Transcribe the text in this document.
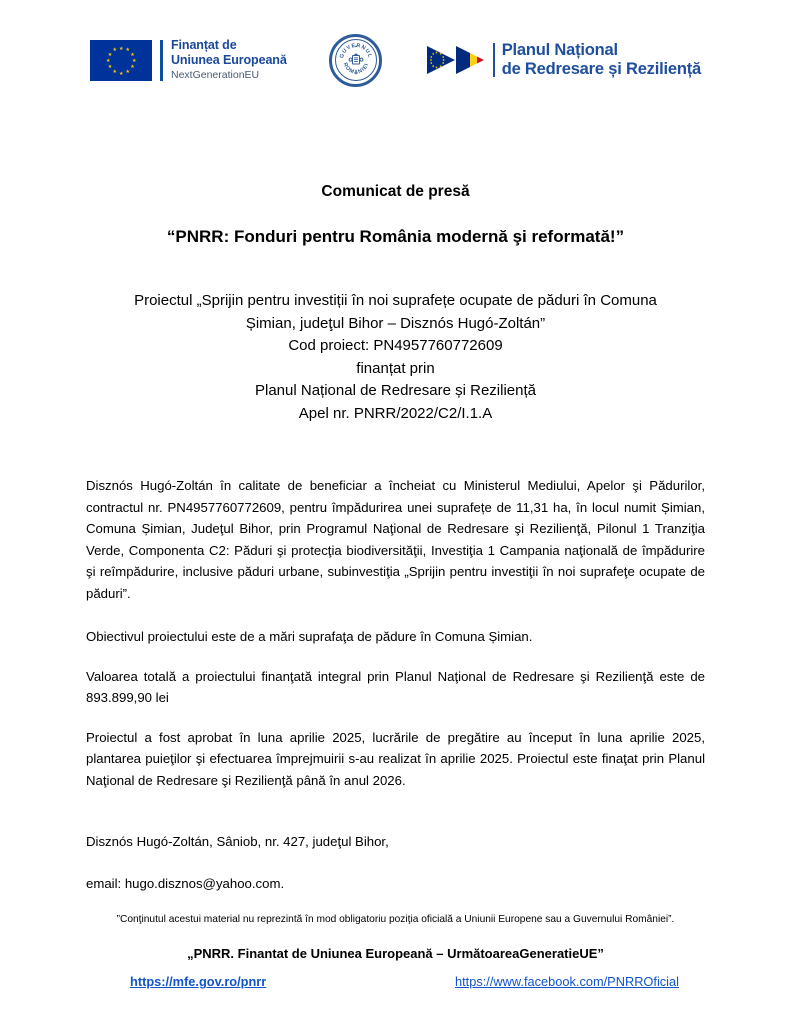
★ ★
★
★
★
★
★
★
★
★
★
★	Finanțat de
Uniunea Europeană
NextGenerationEU
GUVERNUL
ROMANIEI
Planul Național
de Redresare și Reziliență
Comunicat de presă
“PNRR: Fonduri pentru România modernă şi reformată!”
Proiectul „Sprijin pentru investiții în noi suprafețe ocupate de păduri în Comuna
Șimian, judeţul Bihor – Disznós Hugó-Zoltán”
Cod proiect: PN4957760772609
finanțat prin
Planul Național de Redresare și Reziliență
Apel nr. PNRR/2022/C2/I.1.A

Disznós Hugó-Zoltán în calitate de beneficiar a încheiat cu Ministerul Mediului, Apelor şi Pădurilor, contractul nr. PN4957760772609, pentru împădurirea unei suprafețe de 11,31 ha, în locul numit Șimian, Comuna Șimian, Judeţul Bihor, prin Programul Naţional de Redresare şi Rezilienţă, Pilonul 1 Tranziţia Verde, Componenta C2: Păduri şi protecţia biodiversităţii, Investiţia 1 Campania naţională de împădurire şi reîmpădurire, inclusive păduri urbane, subinvestiţia „Sprijin pentru investiţii în noi suprafeţe ocupate de păduri”.

Obiectivul proiectului este de a mări suprafaţa de pădure în Comuna Șimian.

Valoarea totală a proiectului finanţată integral prin Planul Naţional de Redresare şi Rezilienţă este de 893.899,90 lei

Proiectul a fost aprobat în luna aprilie 2025, lucrările de pregătire au început în luna aprilie 2025, plantarea puieţilor şi efectuarea împrejmuirii s-au realizat în aprilie 2025. Proiectul este finaţat prin Planul Naţional de Redresare şi Rezilienţă până în anul 2026.

Disznós Hugó-Zoltán, Sâniob, nr. 427, judeţul Bihor,

email: hugo.disznos@yahoo.com.

”Conţinutul acestui material nu reprezintă în mod obligatoriu poziţia oficială a Uniunii Europene sau a Guvernului României”.
„PNRR. Finantat de Uniunea Europeană – UrmătoareaGeneratieUE”
https://mfe.gov.ro/pnrr	https://www.facebook.com/PNRROficial
